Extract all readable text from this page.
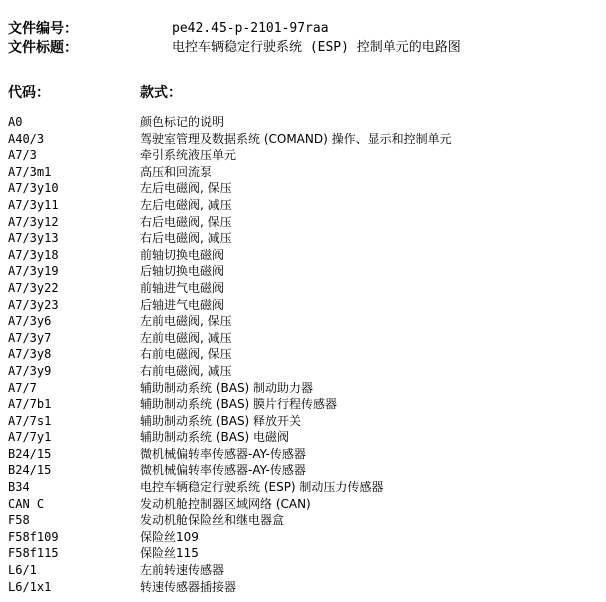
文件编号：	pe42.45-p-2101-97raa
文件标题：	电控车辆稳定行驶系统 (ESP) 控制单元的电路图
代码：	款式：
A0	颜色标记的说明
A40/3	驾驶室管理及数据系统 (COMAND) 操作、显示和控制单元
A7/3	牵引系统液压单元
A7/3m1	高压和回流泵
A7/3y10	左后电磁阀, 保压
A7/3y11	左后电磁阀, 减压
A7/3y12	右后电磁阀, 保压
A7/3y13	右后电磁阀, 减压
A7/3y18	前轴切换电磁阀
A7/3y19	后轴切换电磁阀
A7/3y22	前轴进气电磁阀
A7/3y23	后轴进气电磁阀
A7/3y6	左前电磁阀, 保压
A7/3y7	左前电磁阀, 减压
A7/3y8	右前电磁阀, 保压
A7/3y9	右前电磁阀, 减压
A7/7	辅助制动系统 (BAS) 制动助力器
A7/7b1	辅助制动系统 (BAS) 膜片行程传感器
A7/7s1	辅助制动系统 (BAS) 释放开关
A7/7y1	辅助制动系统 (BAS) 电磁阀
B24/15	微机械偏转率传感器-AY-传感器
B24/15	微机械偏转率传感器-AY-传感器
B34	电控车辆稳定行驶系统 (ESP) 制动压力传感器
CAN C	发动机舱控制器区域网络 (CAN)
F58	发动机舱保险丝和继电器盒
F58f109	保险丝109
F58f115	保险丝115
L6/1	左前转速传感器
L6/1x1	转速传感器插接器
